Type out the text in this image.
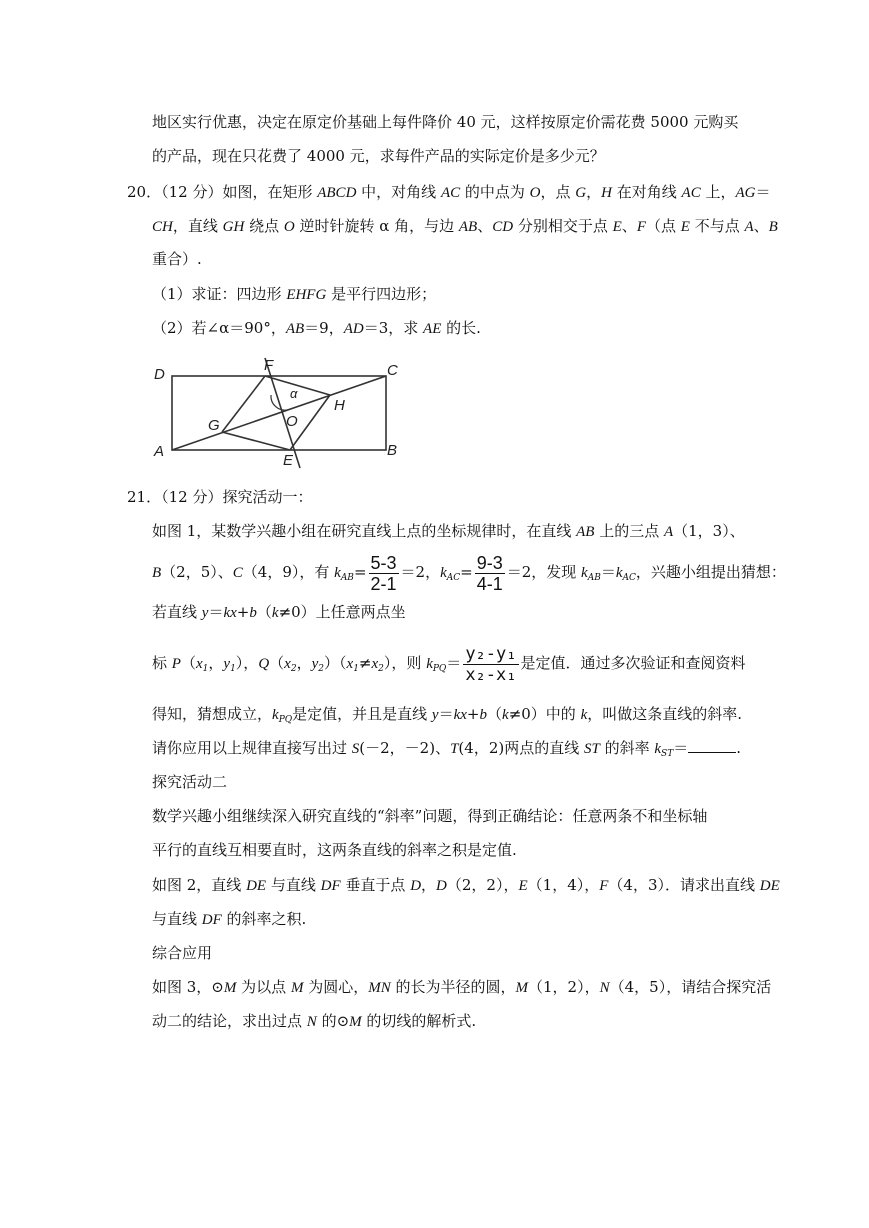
地区实行优惠，决定在原定价基础上每件降价 40 元，这样按原定价需花费 5000 元购买
的产品，现在只花费了 4000 元，求每件产品的实际定价是多少元？
20．（12 分）如图，在矩形 ABCD 中，对角线 AC 的中点为 O，点 G，H 在对角线 AC 上，AG＝
CH，直线 GH 绕点 O 逆时针旋转 α 角，与边 AB、CD 分别相交于点 E、F（点 E 不与点 A、B
重合）.
（1）求证：四边形 EHFG 是平行四边形；
（2）若∠α＝90°，AB＝9，AD＝3，求 AE 的长.
D
F	C
α
H
G	O
A
E
B
21．（12 分）探究活动一：
如图 1，某数学兴趣小组在研究直线上点的坐标规律时，在直线 AB 上的三点 A（1，3）、
B（2，5）、C（4，9），有 $k_{AB}= \frac{5-3}{2-1} =2$，$k_{AC}= \frac{9-3}{4-1} =2$，发现 $k_{AB}=k_{AC}$，兴趣小组提出猜想：
若直线 y＝kx+b（k≠0）上任意两点坐
标 $P(x_1$，$y_1$），$Q(x_2$，$y_2)(x_1\ne x_2)$，则 $k_{PQ}= \frac{\text{y₂-y₁}}{\text{x₂-x₁}}$ 是定值．通过多次验证和查阅资料
得知，猜想成立，$k_{PQ}$是定值，并且是直线 y＝kx+b（k≠0）中的 k，叫做这条直线的斜率.
请你应用以上规律直接写出过 S(－2，－2)、T(4，2)两点的直线 ST 的斜率 $k_{ST}=$	.
探究活动二
数学兴趣小组继续深入研究直线的“斜率”问题，得到正确结论：任意两条不和坐标轴
平行的直线互相要直时，这两条直线的斜率之积是定值.
如图 2，直线 DE 与直线 DF 垂直于点 D，D（2，2），E（1，4），F（4，3）．请求出直线 DE
与直线 DF 的斜率之积.
综合应用
如图 3，⊙M 为以点 M 为圆心，MN 的长为半径的圆，M（1，2），N（4，5），请结合探究活
动二的结论，求出过点 N 的⊙M 的切线的解析式.
